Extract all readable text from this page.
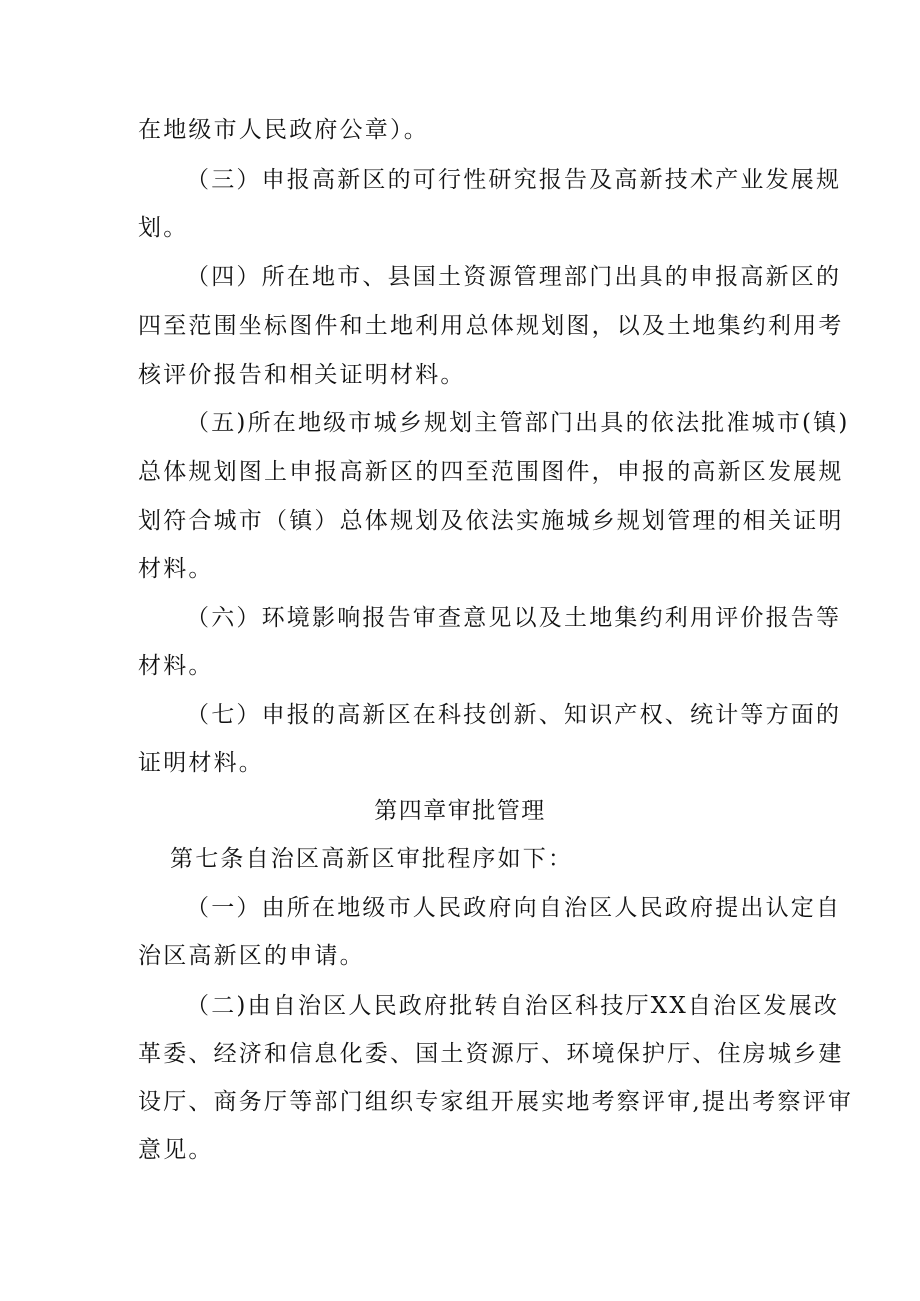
在地级市人民政府公章）。
（三）申报高新区的可行性研究报告及高新技术产业发展规
划。
（四）所在地市、县国土资源管理部门出具的申报高新区的
四至范围坐标图件和土地利用总体规划图，以及土地集约利用考
核评价报告和相关证明材料。
（五)所在地级市城乡规划主管部门出具的依法批准城市(镇)
总体规划图上申报高新区的四至范围图件，申报的高新区发展规
划符合城市（镇）总体规划及依法实施城乡规划管理的相关证明
材料。
（六）环境影响报告审查意见以及土地集约利用评价报告等
材料。
（七）申报的高新区在科技创新、知识产权、统计等方面的
证明材料。
第四章审批管理
第七条自治区高新区审批程序如下：
（一）由所在地级市人民政府向自治区人民政府提出认定自
治区高新区的申请。
（二)由自治区人民政府批转自治区科技厅XX自治区发展改
革委、经济和信息化委、国土资源厅、环境保护厅、住房城乡建
设厅、商务厅等部门组织专家组开展实地考察评审,提出考察评审
意见。
